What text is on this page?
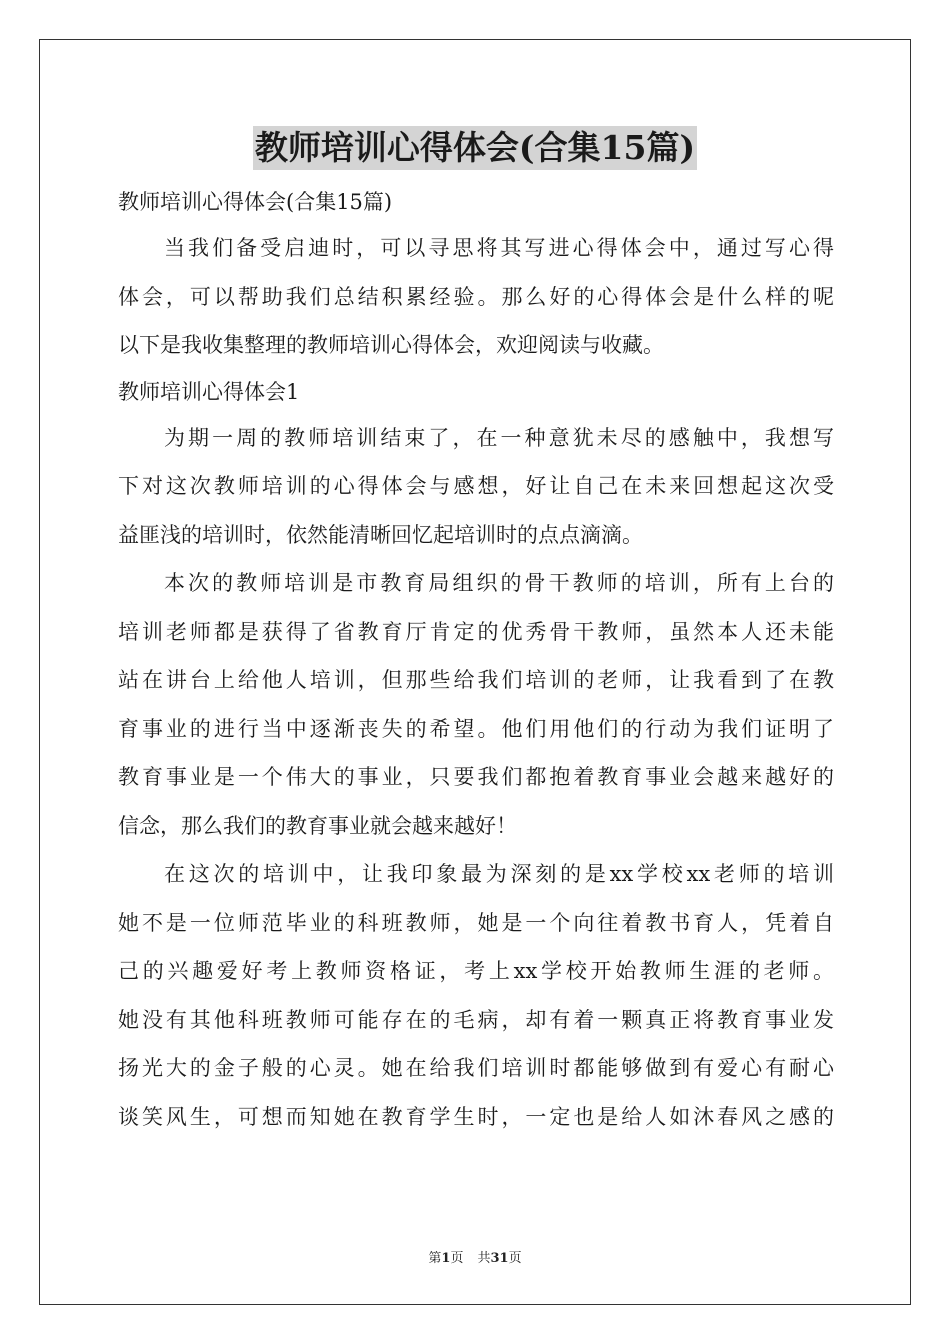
教师培训心得体会(合集15篇)
教师培训心得体会(合集15篇)
当我们备受启迪时，可以寻思将其写进心得体会中，通过写心得
体会，可以帮助我们总结积累经验。那么好的心得体会是什么样的呢
以下是我收集整理的教师培训心得体会，欢迎阅读与收藏。
教师培训心得体会1
为期一周的教师培训结束了，在一种意犹未尽的感触中，我想写
下对这次教师培训的心得体会与感想，好让自己在未来回想起这次受
益匪浅的培训时，依然能清晰回忆起培训时的点点滴滴。
本次的教师培训是市教育局组织的骨干教师的培训，所有上台的
培训老师都是获得了省教育厅肯定的优秀骨干教师，虽然本人还未能
站在讲台上给他人培训，但那些给我们培训的老师，让我看到了在教
育事业的进行当中逐渐丧失的希望。他们用他们的行动为我们证明了
教育事业是一个伟大的事业，只要我们都抱着教育事业会越来越好的
信念，那么我们的教育事业就会越来越好！
在这次的培训中，让我印象最为深刻的是xx学校xx老师的培训
她不是一位师范毕业的科班教师，她是一个向往着教书育人，凭着自
己的兴趣爱好考上教师资格证，考上xx学校开始教师生涯的老师。
她没有其他科班教师可能存在的毛病，却有着一颗真正将教育事业发
扬光大的金子般的心灵。她在给我们培训时都能够做到有爱心有耐心
谈笑风生，可想而知她在教育学生时，一定也是给人如沐春风之感的
第1页 共31页
